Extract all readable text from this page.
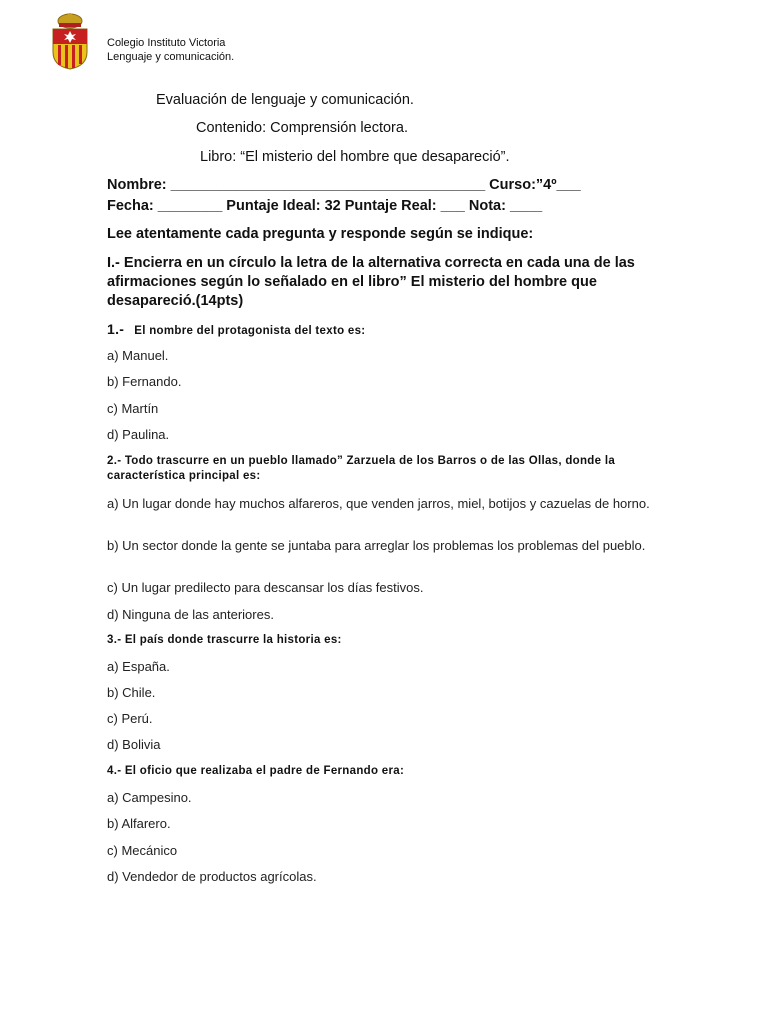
Colegio Instituto Victoria
Lenguaje y comunicación.
Evaluación de lenguaje y comunicación.
Contenido: Comprensión lectora.
Libro: “El misterio del hombre que desapareció”.
Nombre: _______________________________________ Curso:”4º___
Fecha: ________ Puntaje Ideal: 32 Puntaje Real: ___ Nota: ____
Lee atentamente cada pregunta y responde según se indique:
I.- Encierra en un círculo la letra de la alternativa correcta en cada una de las afirmaciones según lo señalado en el libro” El misterio del hombre que desapareció.(14pts)
1.- El nombre del protagonista del texto es:
a) Manuel.
b) Fernando.
c) Martín
d) Paulina.
2.- Todo trascurre en un pueblo llamado” Zarzuela de los Barros o de las Ollas, donde la característica principal es:
a) Un lugar donde hay muchos alfareros, que venden jarros, miel, botijos y cazuelas de horno.
b) Un sector donde la gente se juntaba para arreglar los problemas los problemas del pueblo.
c) Un lugar predilecto para descansar los días festivos.
d) Ninguna de las anteriores.
3.- El país donde trascurre la historia es:
a) España.
b) Chile.
c) Perú.
d) Bolivia
4.- El oficio que realizaba el padre de Fernando era:
a) Campesino.
b) Alfarero.
c) Mecánico
d) Vendedor de productos agrícolas.
